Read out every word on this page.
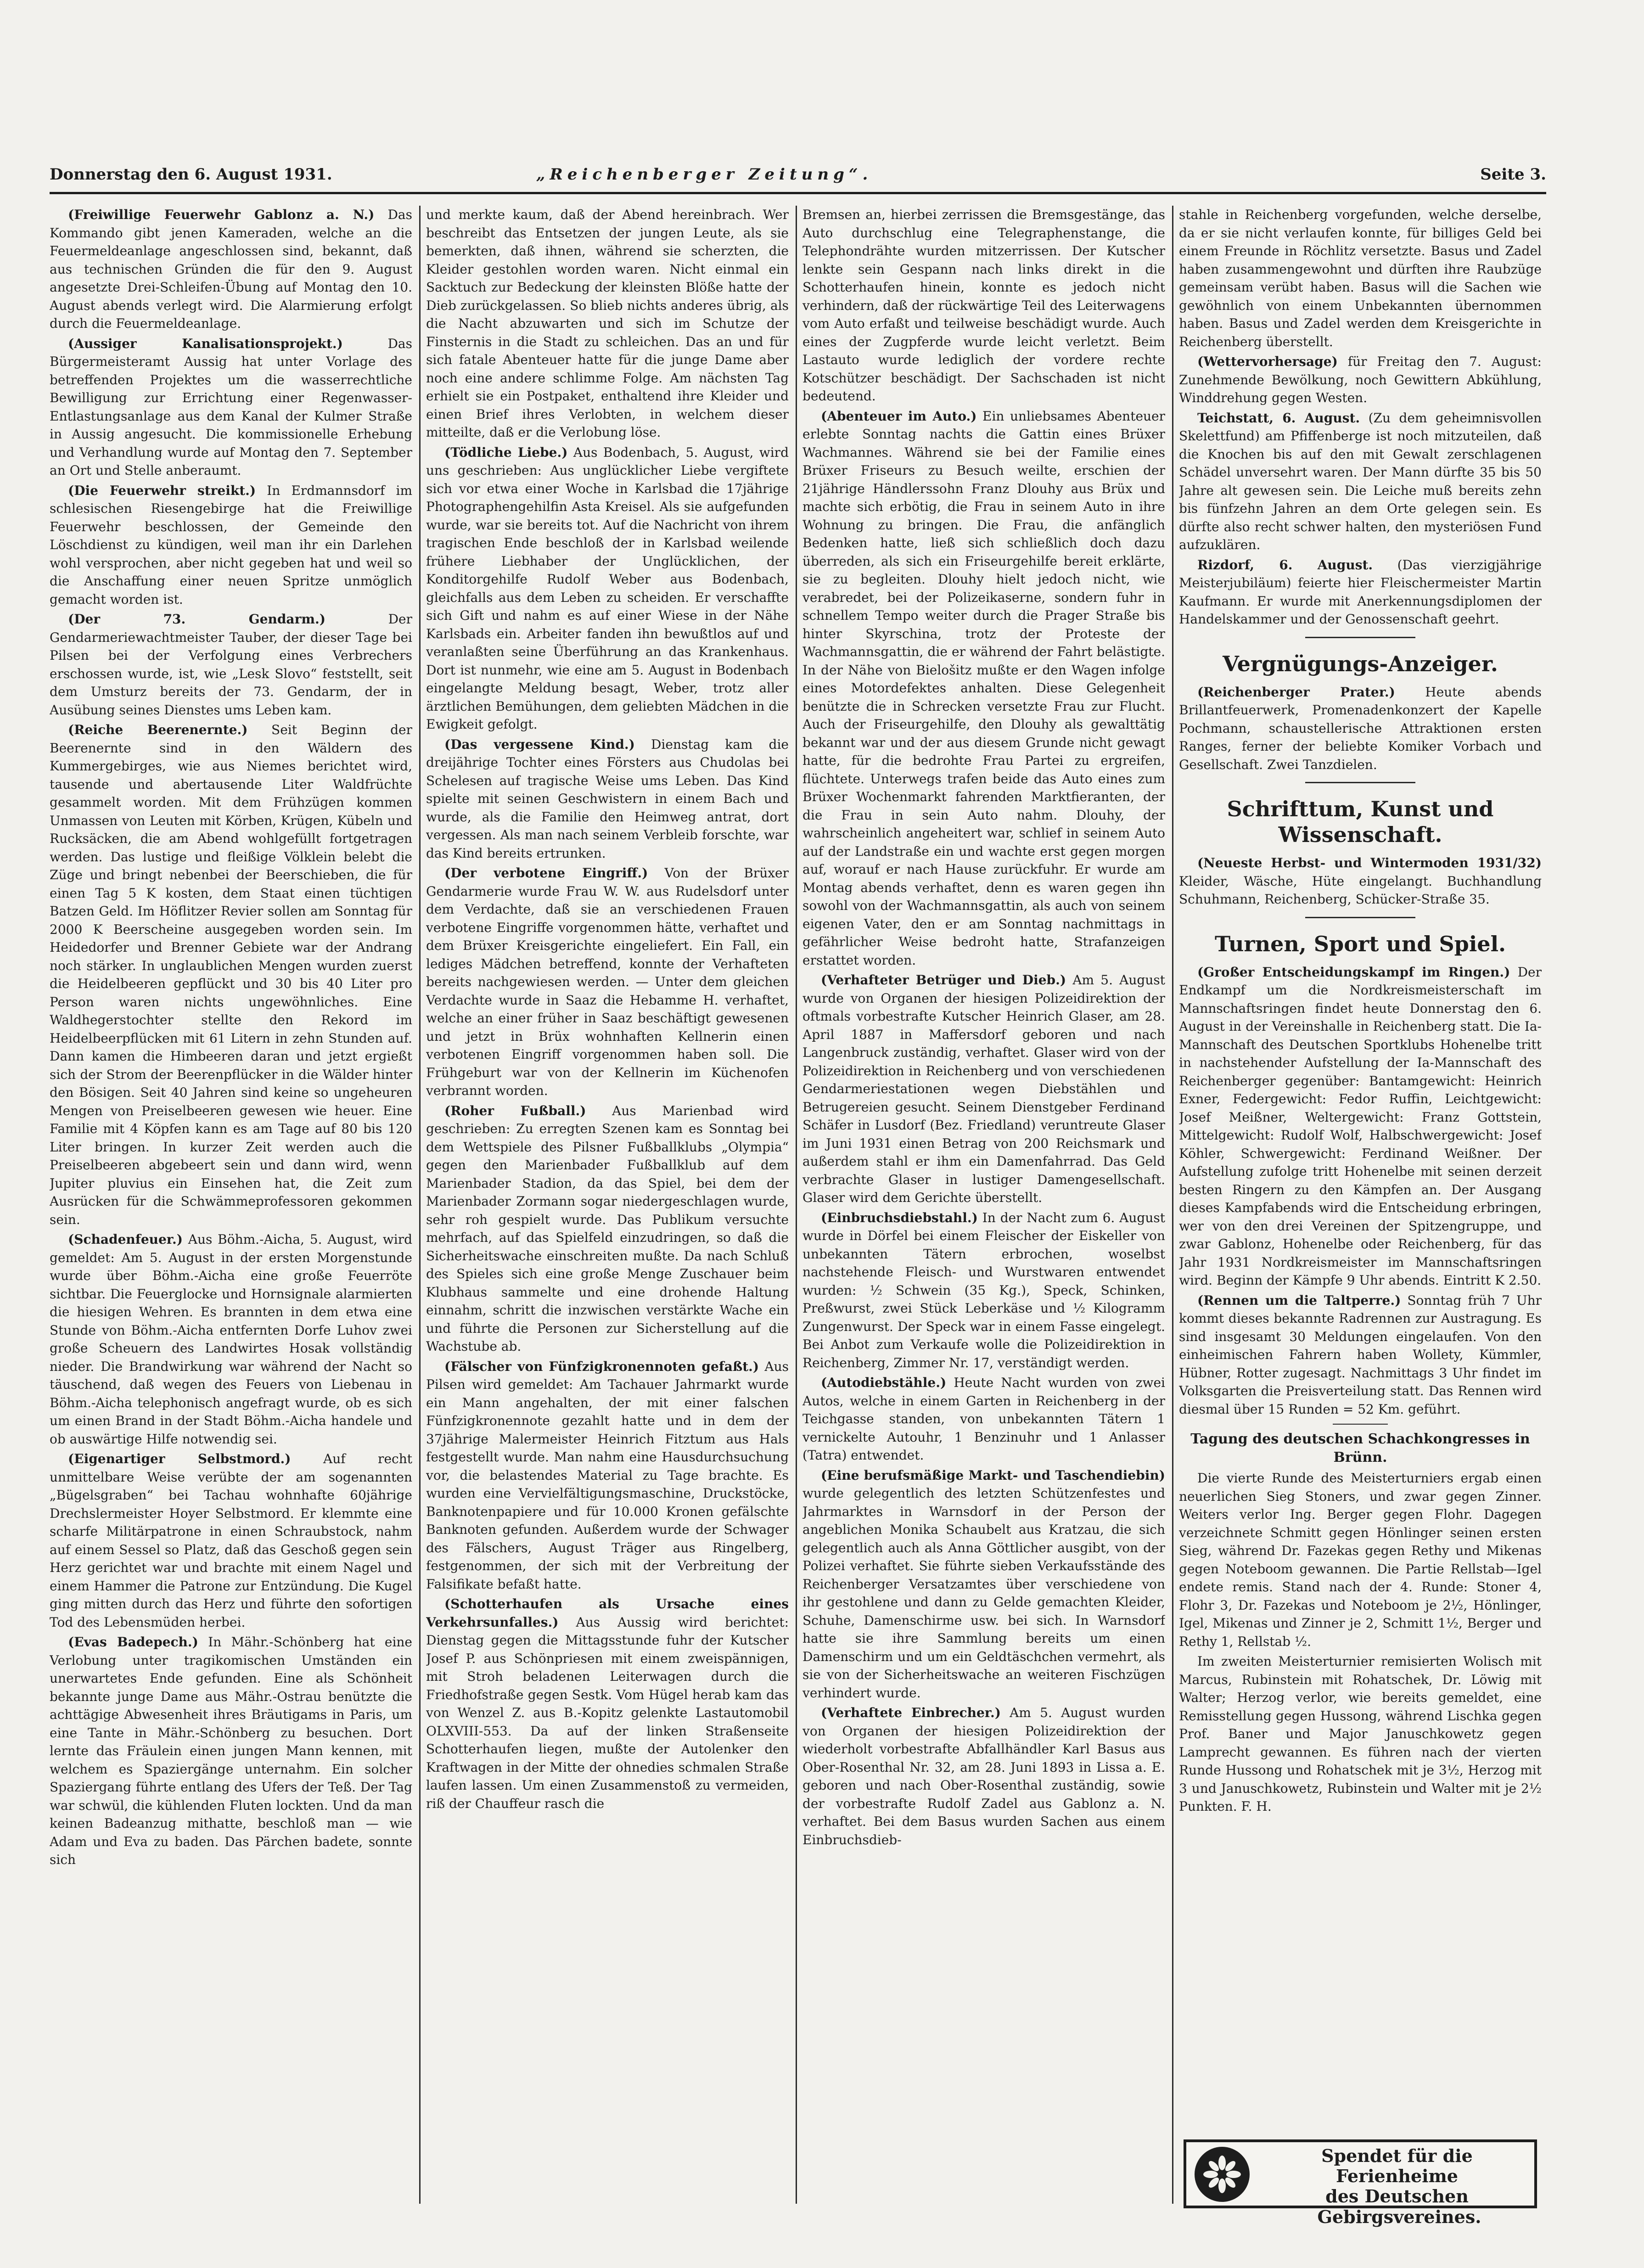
Donnerstag den 6. August 1931.	„Reichenberger Zeitung“.	Seite 3.

(Freiwillige Feuerwehr Gablonz a. N.) Das Kommando gibt jenen Kameraden, welche an die Feuermeldeanlage angeschlossen sind, bekannt, daß aus technischen Gründen die für den 9. August angesetzte Drei-Schleifen-Übung auf Montag den 10. August abends verlegt wird. Die Alarmierung erfolgt durch die Feuermeldeanlage.

(Aussiger Kanalisationsprojekt.)	Das Bürgermeisteramt Aussig hat unter Vorlage des betreffenden Projektes um die wasserrechtliche Bewilligung zur Errichtung einer Regenwasser-Entlastungsanlage aus dem Kanal der Kulmer Straße in Aussig angesucht. Die kommissionelle Erhebung und Verhandlung wurde auf Montag den 7. September an Ort und Stelle anberaumt.

(Die Feuerwehr streikt.) In Erdmannsdorf im schlesischen Riesengebirge hat die Freiwillige Feuerwehr beschlossen, der Gemeinde den Löschdienst zu kündigen, weil man ihr ein Darlehen wohl versprochen, aber nicht gegeben hat und weil so die Anschaffung einer neuen Spritze unmöglich gemacht worden ist.

(Der 73. Gendarm.)	Der Gendarmeriewachtmeister Tauber, der dieser Tage bei Pilsen bei der Verfolgung eines Verbrechers erschossen wurde, ist, wie „Lesk Slovo“ feststellt, seit dem Umsturz bereits der 73. Gendarm, der in Ausübung seines Dienstes ums Leben kam.

(Reiche Beerenernte.) Seit Beginn der Beerenernte sind in den Wäldern des Kummergebirges, wie aus Niemes berichtet wird, tausende und abertausende Liter Waldfrüchte gesammelt worden. Mit dem Frühzügen kommen Unmassen von Leuten mit Körben, Krügen, Kübeln und Rucksäcken, die am Abend wohlgefüllt fortgetragen werden. Das lustige und fleißige Völklein belebt die Züge und bringt nebenbei der Beerschieben, die für einen Tag 5 K kosten, dem Staat einen tüchtigen Batzen Geld. Im Höflitzer Revier sollen am Sonntag für 2000 K Beerscheine ausgegeben worden sein. Im Heidedorfer und Brenner Gebiete war der Andrang noch stärker. In unglaublichen Mengen wurden zuerst die Heidelbeeren gepflückt und 30 bis 40 Liter pro Person waren nichts ungewöhnliches. Eine Waldhegerstochter stellte den Rekord im Heidelbeerpflücken mit 61 Litern in zehn Stunden auf. Dann kamen die Himbeeren daran und jetzt ergießt sich der Strom der Beerenpflücker in die Wälder hinter den Bösigen. Seit 40 Jahren sind keine so ungeheuren Mengen von Preiselbeeren gewesen wie heuer. Eine Familie mit 4 Köpfen kann es am Tage auf 80 bis 120 Liter bringen. In kurzer Zeit werden auch die Preiselbeeren abgebeert sein und dann wird, wenn Jupiter pluvius ein Einsehen hat, die Zeit zum Ausrücken für die Schwämmeprofessoren gekommen sein.

(Schadenfeuer.) Aus Böhm.-Aicha, 5. August, wird gemeldet: Am 5. August in der ersten Morgenstunde wurde über Böhm.-Aicha eine große Feuerröte sichtbar. Die Feuerglocke und Hornsignale alarmierten die hiesigen Wehren. Es brannten in dem etwa eine Stunde von Böhm.-Aicha entfernten Dorfe Luhov zwei große Scheuern des Landwirtes Hosak vollständig nieder. Die Brandwirkung war während der Nacht so täuschend, daß wegen des Feuers von Liebenau in Böhm.-Aicha telephonisch angefragt wurde, ob es sich um einen Brand in der Stadt Böhm.-Aicha handele und ob auswärtige Hilfe notwendig sei.

(Eigenartiger Selbstmord.)	Auf recht unmittelbare Weise verübte der am sogenannten „Bügelsgraben“ bei Tachau wohnhafte 60jährige Drechslermeister Hoyer Selbstmord. Er klemmte eine scharfe Militärpatrone in einen Schraubstock, nahm auf einem Sessel so Platz, daß das Geschoß gegen sein Herz gerichtet war und brachte mit einem Nagel und einem Hammer die Patrone zur Entzündung. Die Kugel ging mitten durch das Herz und führte den sofortigen Tod des Lebensmüden herbei.

(Evas Badepech.) In Mähr.-Schönberg hat eine Verlobung unter tragikomischen Umständen ein unerwartetes Ende gefunden. Eine als Schönheit bekannte junge Dame aus Mähr.-Ostrau benützte die achttägige Abwesenheit ihres Bräutigams in Paris, um eine Tante in Mähr.-Schönberg zu besuchen. Dort lernte das Fräulein einen jungen Mann kennen, mit welchem es Spaziergänge unternahm. Ein solcher Spaziergang führte entlang des Ufers der Teß. Der Tag war schwül, die kühlenden Fluten lockten. Und da man keinen Badeanzug mithatte, beschloß man — wie Adam und Eva zu baden. Das Pärchen badete, sonnte sich

und merkte kaum, daß der Abend hereinbrach. Wer beschreibt das Entsetzen der jungen Leute, als sie bemerkten, daß ihnen, während sie scherzten, die Kleider gestohlen worden waren. Nicht einmal ein Sacktuch zur Bedeckung der kleinsten Blöße hatte der Dieb zurückgelassen. So blieb nichts anderes übrig, als die Nacht abzuwarten und sich im Schutze der Finsternis in die Stadt zu schleichen. Das an und für sich fatale Abenteuer hatte für die junge Dame aber noch eine andere schlimme Folge. Am nächsten Tag erhielt sie ein Postpaket, enthaltend ihre Kleider und einen Brief ihres Verlobten, in welchem dieser mitteilte, daß er die Verlobung löse.

(Tödliche Liebe.) Aus Bodenbach, 5. August, wird uns geschrieben: Aus unglücklicher Liebe vergiftete sich vor etwa einer Woche in Karlsbad die 17jährige Photographengehilfin Asta Kreisel. Als sie aufgefunden wurde, war sie bereits tot. Auf die Nachricht von ihrem tragischen Ende beschloß der in Karlsbad weilende frühere Liebhaber der Unglücklichen, der Konditorgehilfe Rudolf Weber aus Bodenbach, gleichfalls aus dem Leben zu scheiden. Er verschaffte sich Gift und nahm es auf einer Wiese in der Nähe Karlsbads ein. Arbeiter fanden ihn bewußtlos auf und veranlaßten seine Überführung an das Krankenhaus. Dort ist nunmehr, wie eine am 5. August in Bodenbach eingelangte Meldung besagt, Weber, trotz aller ärztlichen Bemühungen, dem geliebten Mädchen in die Ewigkeit gefolgt.

(Das vergessene Kind.) Dienstag kam die dreijährige Tochter eines Försters aus Chudolas bei Schelesen auf tragische Weise ums Leben. Das Kind spielte mit seinen Geschwistern in einem Bach und wurde, als die Familie den Heimweg antrat, dort vergessen. Als man nach seinem Verbleib forschte, war das Kind bereits ertrunken.

(Der verbotene Eingriff.) Von der Brüxer Gendarmerie wurde Frau W. W. aus Rudelsdorf unter dem Verdachte, daß sie an verschiedenen Frauen verbotene Eingriffe vorgenommen hätte, verhaftet und dem Brüxer Kreisgerichte eingeliefert. Ein Fall, ein lediges Mädchen betreffend, konnte der Verhafteten bereits nachgewiesen werden. — Unter dem gleichen Verdachte wurde in Saaz die Hebamme H. verhaftet, welche an einer früher in Saaz beschäftigt gewesenen und jetzt in Brüx wohnhaften Kellnerin einen verbotenen Eingriff vorgenommen haben soll. Die Frühgeburt war von der Kellnerin im Küchenofen verbrannt worden.

(Roher Fußball.) Aus Marienbad wird geschrieben: Zu erregten Szenen kam es Sonntag bei dem Wettspiele des Pilsner Fußballklubs „Olympia“ gegen den Marienbader Fußballklub auf dem Marienbader Stadion, da das Spiel, bei dem der Marienbader Zormann sogar niedergeschlagen wurde, sehr roh gespielt wurde. Das Publikum versuchte mehrfach, auf das Spielfeld einzudringen, so daß die Sicherheitswache einschreiten mußte. Da nach Schluß des Spieles sich eine große Menge Zuschauer beim Klubhaus sammelte und eine drohende Haltung einnahm, schritt die inzwischen verstärkte Wache ein und führte die Personen zur Sicherstellung auf die Wachstube ab.

(Fälscher von Fünfzigkronennoten gefaßt.) Aus Pilsen wird gemeldet: Am Tachauer Jahrmarkt wurde ein Mann angehalten, der mit einer falschen Fünfzigkronennote gezahlt hatte und in dem der 37jährige Malermeister Heinrich Fitztum aus Hals festgestellt wurde. Man nahm eine Hausdurchsuchung vor, die belastendes Material zu Tage brachte. Es wurden eine Vervielfältigungsmaschine, Druckstöcke, Banknotenpapiere und für 10.000 Kronen gefälschte Banknoten gefunden. Außerdem wurde der Schwager des Fälschers, August Träger aus Ringelberg, festgenommen, der sich mit der Verbreitung der Falsifikate befaßt hatte.

(Schotterhaufen als Ursache eines Verkehrsunfalles.) Aus Aussig wird berichtet: Dienstag gegen die Mittagsstunde fuhr der Kutscher Josef P. aus Schönpriesen mit einem zweispännigen, mit Stroh beladenen Leiterwagen durch die Friedhofstraße gegen Sestk. Vom Hügel herab kam das von Wenzel Z. aus B.-Kopitz gelenkte Lastautomobil OLXVIII-553. Da auf der linken Straßenseite Schotterhaufen liegen, mußte der Autolenker den Kraftwagen in der Mitte der ohnedies schmalen Straße laufen lassen. Um einen Zusammenstoß zu vermeiden, riß der Chauffeur rasch die

Bremsen an, hierbei zerrissen die Bremsgestänge, das Auto durchschlug eine Telegraphenstange, die Telephondrähte wurden mitzerrissen. Der Kutscher lenkte sein Gespann nach links direkt in die Schotterhaufen hinein, konnte es jedoch nicht verhindern, daß der rückwärtige Teil des Leiterwagens vom Auto erfaßt und teilweise beschädigt wurde. Auch eines der Zugpferde wurde leicht verletzt. Beim Lastauto wurde lediglich der vordere rechte Kotschützer beschädigt. Der Sachschaden ist nicht bedeutend.

(Abenteuer im Auto.) Ein unliebsames Abenteuer erlebte Sonntag nachts die Gattin eines Brüxer Wachmannes. Während sie bei der Familie eines Brüxer Friseurs zu Besuch weilte, erschien der 21jährige Händlerssohn Franz Dlouhy aus Brüx und machte sich erbötig, die Frau in seinem Auto in ihre Wohnung zu bringen. Die Frau, die anfänglich Bedenken hatte, ließ sich schließlich doch dazu überreden, als sich ein Friseurgehilfe bereit erklärte, sie zu begleiten. Dlouhy hielt jedoch nicht, wie verabredet, bei der Polizeikaserne, sondern fuhr in schnellem Tempo weiter durch die Prager Straße bis hinter Skyrschina, trotz der Proteste der Wachmannsgattin, die er während der Fahrt belästigte. In der Nähe von Bielošitz mußte er den Wagen infolge eines Motordefektes anhalten. Diese Gelegenheit benützte die in Schrecken versetzte Frau zur Flucht. Auch der Friseurgehilfe, den Dlouhy als gewalttätig bekannt war und der aus diesem Grunde nicht gewagt hatte, für die bedrohte Frau Partei zu ergreifen, flüchtete. Unterwegs trafen beide das Auto eines zum Brüxer Wochenmarkt fahrenden Marktfieranten, der die Frau in sein Auto nahm. Dlouhy, der wahrscheinlich angeheitert war, schlief in seinem Auto auf der Landstraße ein und wachte erst gegen morgen auf, worauf er nach Hause zurückfuhr. Er wurde am Montag abends verhaftet, denn es waren gegen ihn sowohl von der Wachmannsgattin, als auch von seinem eigenen Vater, den er am Sonntag nachmittags in gefährlicher Weise bedroht hatte, Strafanzeigen erstattet worden.

(Verhafteter Betrüger und Dieb.) Am 5. August wurde von Organen der hiesigen Polizeidirektion der oftmals vorbestrafte Kutscher Heinrich Glaser, am 28. April 1887 in Maffersdorf geboren und nach Langenbruck zuständig, verhaftet. Glaser wird von der Polizeidirektion in Reichenberg und von verschiedenen Gendarmeriestationen wegen Diebstählen und Betrugereien gesucht. Seinem Dienstgeber Ferdinand Schäfer in Lusdorf (Bez. Friedland) veruntreute Glaser im Juni 1931 einen Betrag von 200 Reichsmark und außerdem stahl er ihm ein Damenfahrrad. Das Geld verbrachte Glaser in lustiger Damengesellschaft. Glaser wird dem Gerichte überstellt.

(Einbruchsdiebstahl.) In der Nacht zum 6. August wurde in Dörfel bei einem Fleischer der Eiskeller von unbekannten Tätern erbrochen, woselbst nachstehende Fleisch- und Wurstwaren entwendet wurden: ½ Schwein (35 Kg.), Speck, Schinken, Preßwurst, zwei Stück Leberkäse und ½ Kilogramm Zungenwurst. Der Speck war in einem Fasse eingelegt. Bei Anbot zum Verkaufe wolle die Polizeidirektion in Reichenberg, Zimmer Nr. 17, verständigt werden.

(Autodiebstähle.) Heute Nacht wurden von zwei Autos, welche in einem Garten in Reichenberg in der Teichgasse standen, von unbekannten Tätern 1 vernickelte Autouhr, 1 Benzinuhr und 1 Anlasser (Tatra) entwendet.

(Eine berufsmäßige Markt- und Taschendiebin) wurde gelegentlich des letzten Schützenfestes und Jahrmarktes in Warnsdorf in der Person der angeblichen Monika Schaubelt aus Kratzau, die sich gelegentlich auch als Anna Göttlicher ausgibt, von der Polizei verhaftet. Sie führte sieben Verkaufsstände des Reichenberger Versatzamtes über verschiedene von ihr gestohlene und dann zu Gelde gemachten Kleider, Schuhe, Damenschirme usw. bei sich. In Warnsdorf hatte sie ihre Sammlung bereits um einen Damenschirm und um ein Geldtäschchen vermehrt, als sie von der Sicherheitswache an weiteren Fischzügen verhindert wurde.

(Verhaftete Einbrecher.) Am 5. August wurden von Organen der hiesigen Polizeidirektion der wiederholt vorbestrafte Abfallhändler Karl Basus aus Ober-Rosenthal Nr. 32, am 28. Juni 1893 in Lissa a. E. geboren und nach Ober-Rosenthal zuständig, sowie der vorbestrafte Rudolf Zadel aus Gablonz a. N. verhaftet. Bei dem Basus wurden Sachen aus einem Einbruchsdieb-

stahle in Reichenberg vorgefunden, welche derselbe, da er sie nicht verlaufen konnte, für billiges Geld bei einem Freunde in Röchlitz versetzte. Basus und Zadel haben zusammengewohnt und dürften ihre Raubzüge gemeinsam verübt haben. Basus will die Sachen wie gewöhnlich von einem Unbekannten übernommen haben. Basus und Zadel werden dem Kreisgerichte in Reichenberg überstellt.

(Wettervorhersage) für Freitag den 7. August: Zunehmende Bewölkung, noch Gewittern Abkühlung, Winddrehung gegen Westen.

Teichstatt, 6. August. (Zu dem geheimnisvollen Skelettfund) am Pfiffenberge ist noch mitzuteilen, daß die Knochen bis auf den mit Gewalt zerschlagenen Schädel unversehrt waren. Der Mann dürfte 35 bis 50 Jahre alt gewesen sein. Die Leiche muß bereits zehn bis fünfzehn Jahren an dem Orte gelegen sein. Es dürfte also recht schwer halten, den mysteriösen Fund aufzuklären.

Rizdorf, 6. August. (Das vierzigjährige Meisterjubiläum) feierte hier Fleischermeister Martin Kaufmann. Er wurde mit Anerkennungsdiplomen der Handelskammer und der Genossenschaft geehrt.

Vergnügungs-Anzeiger.

(Reichenberger Prater.) Heute abends Brillantfeuerwerk, Promenadenkonzert der Kapelle Pochmann, schaustellerische Attraktionen ersten Ranges, ferner der beliebte Komiker Vorbach und Gesellschaft. Zwei Tanzdielen.

Schrifttum, Kunst und Wissenschaft.

(Neueste Herbst- und Wintermoden 1931/32) Kleider, Wäsche, Hüte eingelangt. Buchhandlung Schuhmann, Reichenberg, Schücker-Straße 35.

Turnen, Sport und Spiel.

(Großer Entscheidungskampf im Ringen.) Der Endkampf um die Nordkreismeisterschaft im Mannschaftsringen findet heute Donnerstag den 6. August in der Vereinshalle in Reichenberg statt. Die Ia-Mannschaft des Deutschen Sportklubs Hohenelbe tritt in nachstehender Aufstellung der Ia-Mannschaft des Reichenberger gegenüber: Bantamgewicht: Heinrich Exner, Federgewicht: Fedor Ruffin, Leichtgewicht: Josef Meißner, Weltergewicht: Franz Gottstein, Mittelgewicht: Rudolf Wolf, Halbschwergewicht: Josef Köhler, Schwergewicht: Ferdinand Weißner. Der Aufstellung zufolge tritt Hohenelbe mit seinen derzeit besten Ringern zu den Kämpfen an. Der Ausgang dieses Kampfabends wird die Entscheidung erbringen, wer von den drei Vereinen der Spitzengruppe, und zwar Gablonz, Hohenelbe oder Reichenberg, für das Jahr 1931 Nordkreismeister im Mannschaftsringen wird. Beginn der Kämpfe 9 Uhr abends. Eintritt K 2.50.

(Rennen um die Taltperre.) Sonntag früh 7 Uhr kommt dieses bekannte Radrennen zur Austragung. Es sind insgesamt 30 Meldungen eingelaufen. Von den einheimischen Fahrern haben Wollety, Kümmler, Hübner, Rotter zugesagt. Nachmittags 3 Uhr findet im Volksgarten die Preisverteilung statt. Das Rennen wird diesmal über 15 Runden = 52 Km. geführt.

Tagung des deutschen Schachkongresses in Brünn.

Die vierte Runde des Meisterturniers ergab einen neuerlichen Sieg Stoners, und zwar gegen Zinner. Weiters verlor Ing. Berger gegen Flohr. Dagegen verzeichnete Schmitt gegen Hönlinger seinen ersten Sieg, während Dr. Fazekas gegen Rethy und Mikenas gegen Noteboom gewannen. Die Partie Rellstab—Igel endete remis. Stand nach der 4. Runde: Stoner 4, Flohr 3, Dr. Fazekas und Noteboom je 2½, Hönlinger, Igel, Mikenas und Zinner je 2, Schmitt 1½, Berger und Rethy 1, Rellstab ½.

Im zweiten Meisterturnier remisierten Wolisch mit Marcus, Rubinstein mit Rohatschek, Dr. Löwig mit Walter; Herzog verlor, wie bereits gemeldet, eine Remisstellung gegen Hussong, während Lischka gegen Prof. Baner und Major Januschkowetz gegen Lamprecht gewannen. Es führen nach der vierten Runde Hussong und Rohatschek mit je 3½, Herzog mit 3 und Januschkowetz, Rubinstein und Walter mit je 2½ Punkten. F. H.

Spendet für die
Ferienheime
des Deutschen
Gebirgsvereines.
